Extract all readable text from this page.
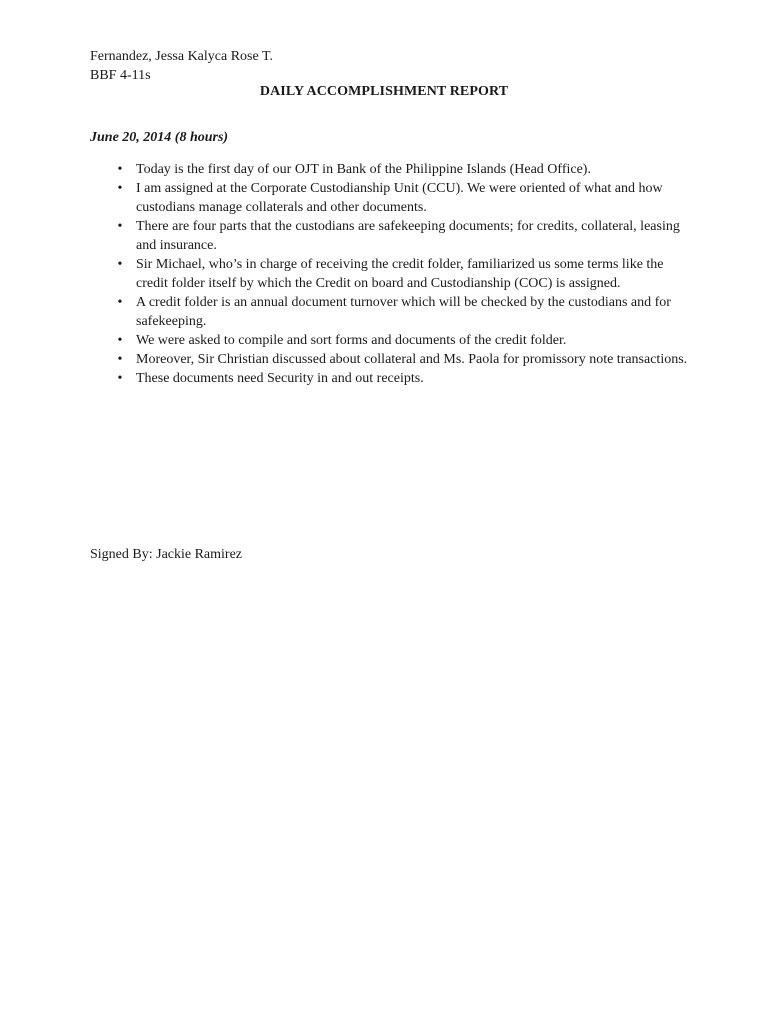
Fernandez, Jessa Kalyca Rose T.
BBF 4-11s
DAILY ACCOMPLISHMENT REPORT
June 20, 2014 (8 hours)
• Today is the first day of our OJT in Bank of the Philippine Islands (Head Office).
• I am assigned at the Corporate Custodianship Unit (CCU). We were oriented of what and how custodians manage collaterals and other documents.
• There are four parts that the custodians are safekeeping documents; for credits, collateral, leasing and insurance.
• Sir Michael, who’s in charge of receiving the credit folder, familiarized us some terms like the credit folder itself by which the Credit on board and Custodianship (COC) is assigned.
• A credit folder is an annual document turnover which will be checked by the custodians and for safekeeping.
• We were asked to compile and sort forms and documents of the credit folder.
• Moreover, Sir Christian discussed about collateral and Ms. Paola for promissory note transactions.
• These documents need Security in and out receipts.
Signed By: Jackie Ramirez
